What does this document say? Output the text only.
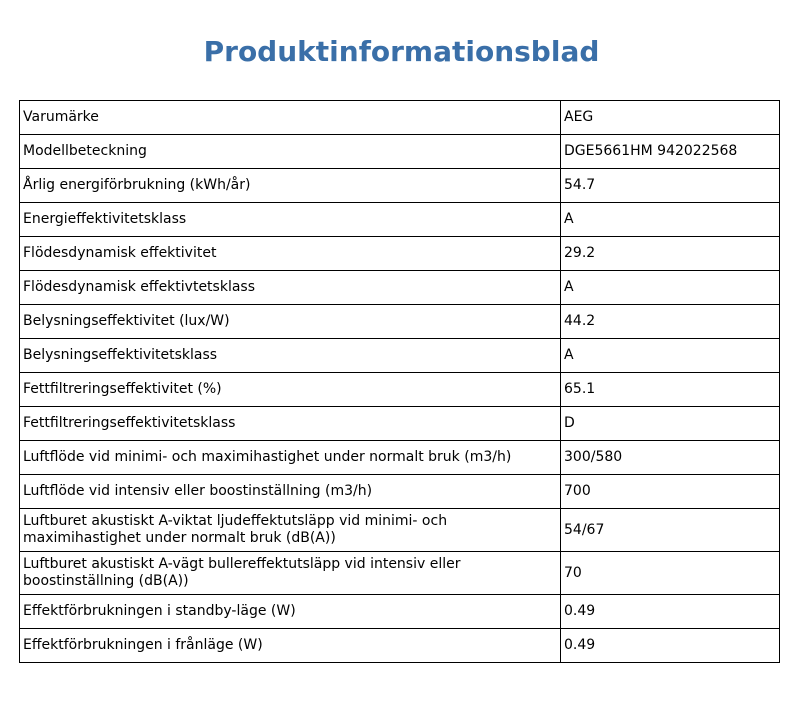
Produktinformationsblad
Varumärke	AEG
Modellbeteckning	DGE5661HM 942022568
Årlig energiförbrukning (kWh/år)	54.7
Energieffektivitetsklass	A
Flödesdynamisk effektivitet	29.2
Flödesdynamisk effektivtetsklass	A
Belysningseffektivitet (lux/W)	44.2
Belysningseffektivitetsklass	A
Fettfiltreringseffektivitet (%)	65.1
Fettfiltreringseffektivitetsklass	D
Luftflöde vid minimi- och maximihastighet under normalt bruk (m3/h)	300/580
Luftflöde vid intensiv eller boostinställning (m3/h)	700
Luftburet akustiskt A-viktat ljudeffektutsläpp vid minimi- och maximihastighet under normalt bruk (dB(A))	54/67
Luftburet akustiskt A-vägt bullereffektutsläpp vid intensiv eller boostinställning (dB(A))	70
Effektförbrukningen i standby-läge (W)	0.49
Effektförbrukningen i frånläge (W)	0.49
